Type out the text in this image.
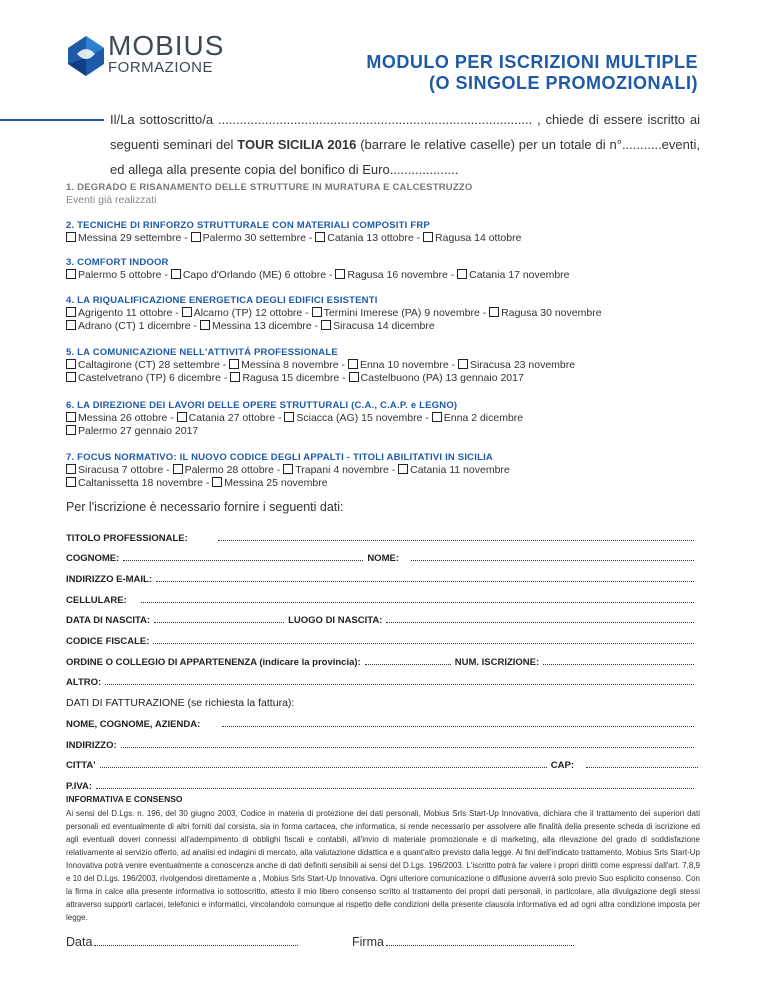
MOBIUS
FORMAZIONE	MODULO PER ISCRIZIONI MULTIPLE
(O SINGOLE PROMOZIONALI)
Il/La sottoscritto/a ....................................................................................... , chiede di essere iscritto ai seguenti seminari del TOUR SICILIA 2016 (barrare le relative caselle) per un totale di n°...........eventi, ed allega alla presente copia del bonifico di Euro...................
1. DEGRADO E RISANAMENTO DELLE STRUTTURE IN MURATURA E CALCESTRUZZO
Eventi già realizzati
2. TECNICHE DI RINFORZO STRUTTURALE CON MATERIALI COMPOSITI FRP
Messina 29 settembre - Palermo 30 settembre - Catania 13 ottobre - Ragusa 14 ottobre
3. COMFORT INDOOR
Palermo 5 ottobre - Capo d'Orlando (ME) 6 ottobre - Ragusa 16 novembre - Catania 17 novembre
4. LA RIQUALIFICAZIONE ENERGETICA DEGLI EDIFICI ESISTENTI
Agrigento 11 ottobre - Alcamo (TP) 12 ottobre - Termini Imerese (PA) 9 novembre - Ragusa 30 novembre
Adrano (CT) 1 dicembre - Messina 13 dicembre - Siracusa 14 dicembre
5. LA COMUNICAZIONE NELL'ATTIVITÁ PROFESSIONALE
Caltagirone (CT) 28 settembre - Messina 8 novembre - Enna 10 novembre - Siracusa 23 novembre
Castelvetrano (TP) 6 dicembre - Ragusa 15 dicembre - Castelbuono (PA) 13 gennaio 2017
6. LA DIREZIONE DEI LAVORI DELLE OPERE STRUTTURALI (C.A., C.A.P. e LEGNO)
Messina 26 ottobre - Catania 27 ottobre - Sciacca (AG) 15 novembre - Enna 2 dicembre
Palermo 27 gennaio 2017
7. FOCUS NORMATIVO: IL NUOVO CODICE DEGLI APPALTI - TITOLI ABILITATIVI IN SICILIA
Siracusa 7 ottobre - Palermo 28 ottobre - Trapani 4 novembre - Catania 11 novembre
Caltanissetta 18 novembre - Messina 25 novembre
Per l'iscrizione è necessario fornire i seguenti dati:
TITOLO PROFESSIONALE:
COGNOME:	NOME:
INDIRIZZO E-MAIL:
CELLULARE:
DATA DI NASCITA:	LUOGO DI NASCITA:
CODICE FISCALE:
ORDINE O COLLEGIO DI APPARTENENZA (indicare la provincia):	NUM. ISCRIZIONE:
ALTRO:
DATI DI FATTURAZIONE (se richiesta la fattura):
NOME, COGNOME, AZIENDA:
INDIRIZZO:
CITTA'	CAP:
P.IVA:
INFORMATIVA E CONSENSO
Ai sensi del D.Lgs. n. 196, del 30 giugno 2003, Codice in materia di protezione dei dati personali, Mobius Srls Start-Up Innovativa, dichiara che il trattamento dei superiori dati personali ed eventualmente di altri forniti dal corsista, sia in forma cartacea, che informatica, si rende necessario per assolvere alle finalità della presente scheda di iscrizione ed agli eventuali doveri connessi all'adempimento di obblighi fiscali e contabili, all'invio di materiale promozionale e di marketing, alla rilevazione del grado di soddisfazione relativamente al servizio offerto, ad analisi ed indagini di mercato, alla valutazione didattica e a quant'altro previsto dalla legge. Ai fini dell'indicato trattamento, Mobius Srls Start-Up Innovativa potrà venire eventualmente a conoscenza anche di dati definiti sensibili ai sensi del D.Lgs. 196/2003. L'iscritto potrà far valere i propri diritti come espressi dall'art. 7,8,9 e 10 del D.Lgs. 196/2003, rivolgendosi direttamente a , Mobius Srls Start-Up Innovativa. Ogni ulteriore comunicazione o diffusione avverrà solo previo Suo esplicito consenso. Con la firma in calce alla presente informativa io sottoscritto, attesto il mio libero consenso scritto al trattamento dei propri dati personali, in particolare, alla divulgazione degli stessi attraverso supporti cartacei, telefonici e informatici, vincolandolo comunque al rispetto delle condizioni della presente clausola informativa ed ad ogni altra condizione imposta per legge.
Data	Firma
